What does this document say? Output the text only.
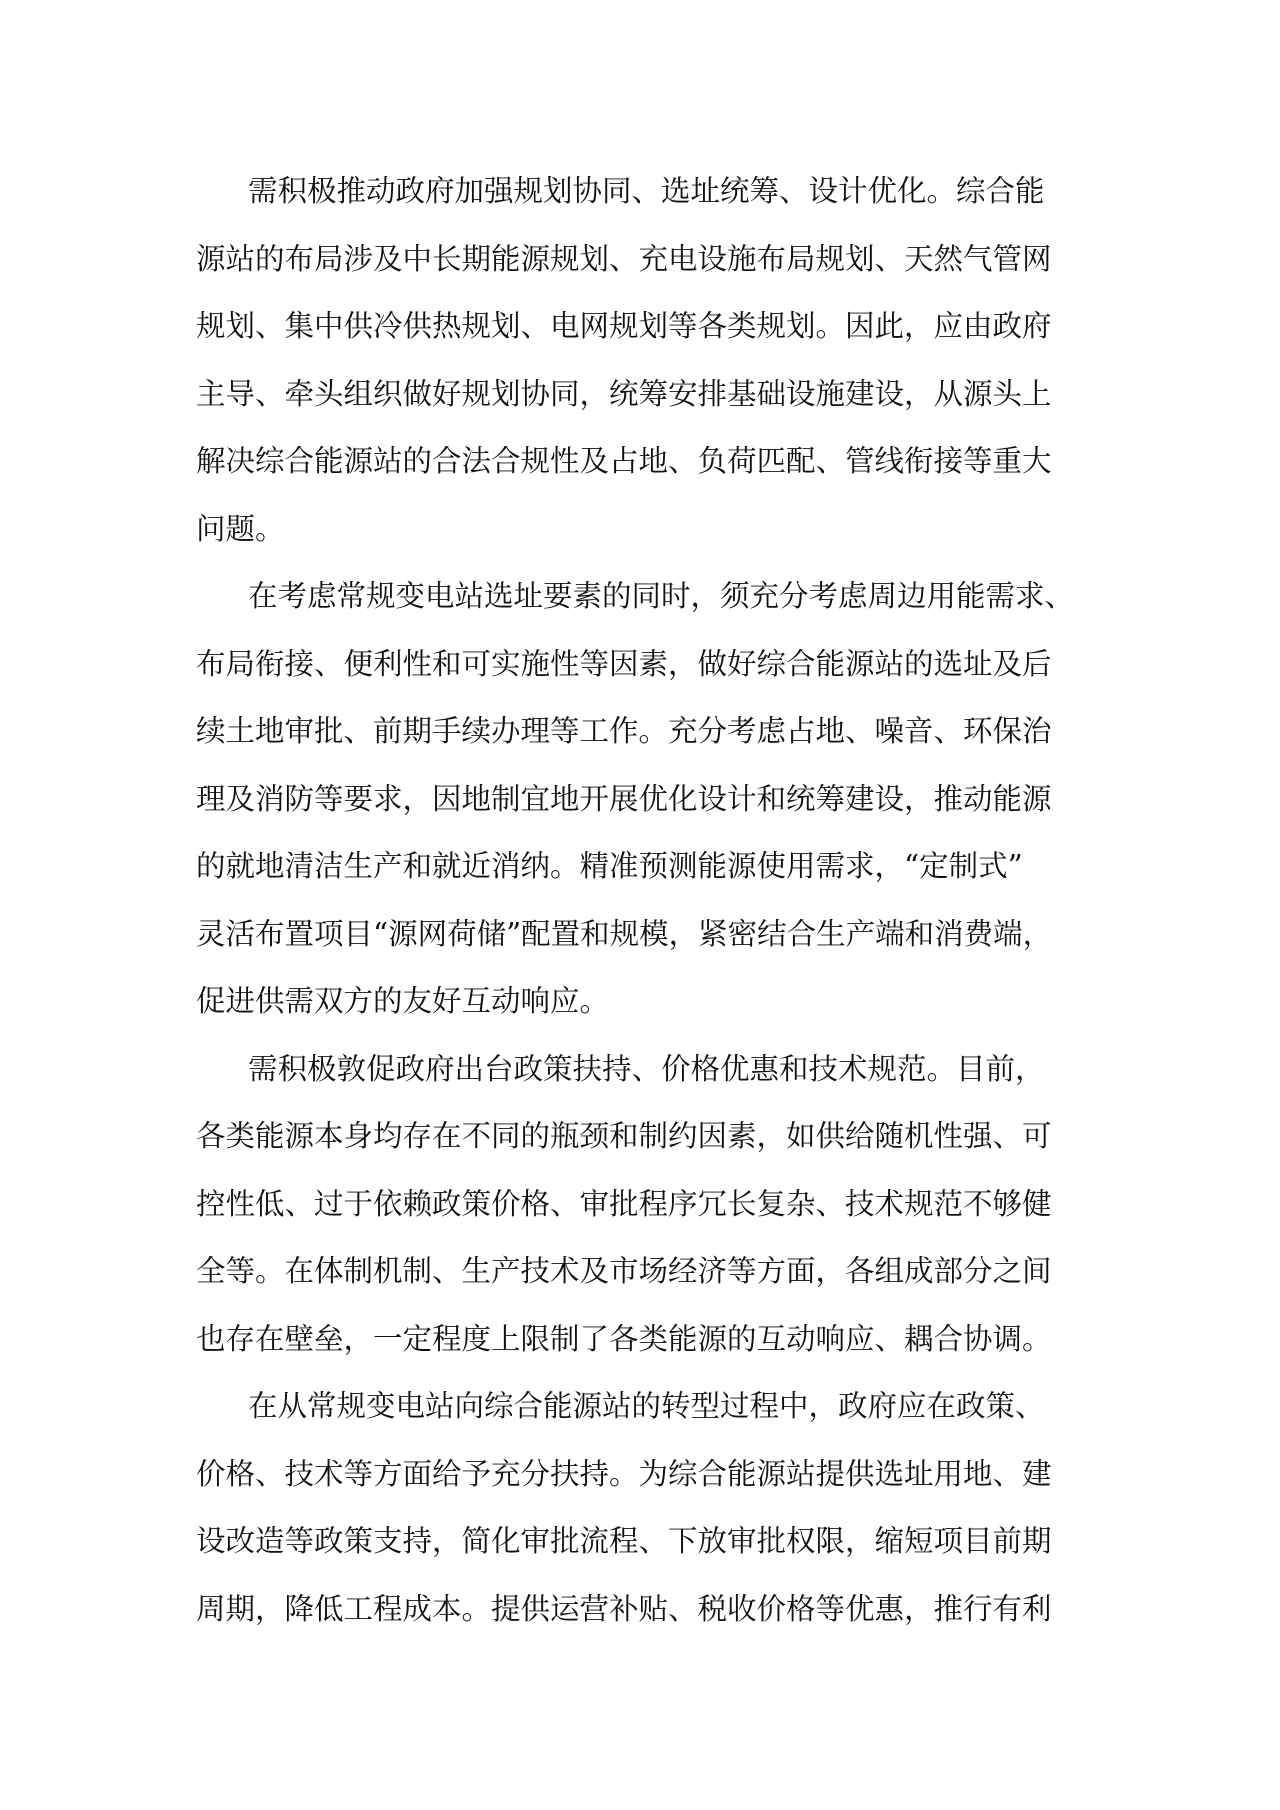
需积极推动政府加强规划协同、选址统筹、设计优化。综合能
源站的布局涉及中长期能源规划、充电设施布局规划、天然气管网
规划、集中供冷供热规划、电网规划等各类规划。因此，应由政府
主导、牵头组织做好规划协同，统筹安排基础设施建设，从源头上
解决综合能源站的合法合规性及占地、负荷匹配、管线衔接等重大
问题。
在考虑常规变电站选址要素的同时，须充分考虑周边用能需求、
布局衔接、便利性和可实施性等因素，做好综合能源站的选址及后
续土地审批、前期手续办理等工作。充分考虑占地、噪音、环保治
理及消防等要求，因地制宜地开展优化设计和统筹建设，推动能源
的就地清洁生产和就近消纳。精准预测能源使用需求，“定制式”
灵活布置项目“源网荷储”配置和规模，紧密结合生产端和消费端，
促进供需双方的友好互动响应。
需积极敦促政府出台政策扶持、价格优惠和技术规范。目前，
各类能源本身均存在不同的瓶颈和制约因素，如供给随机性强、可
控性低、过于依赖政策价格、审批程序冗长复杂、技术规范不够健
全等。在体制机制、生产技术及市场经济等方面，各组成部分之间
也存在壁垒，一定程度上限制了各类能源的互动响应、耦合协调。
在从常规变电站向综合能源站的转型过程中，政府应在政策、
价格、技术等方面给予充分扶持。为综合能源站提供选址用地、建
设改造等政策支持，简化审批流程、下放审批权限，缩短项目前期
周期，降低工程成本。提供运营补贴、税收价格等优惠，推行有利
